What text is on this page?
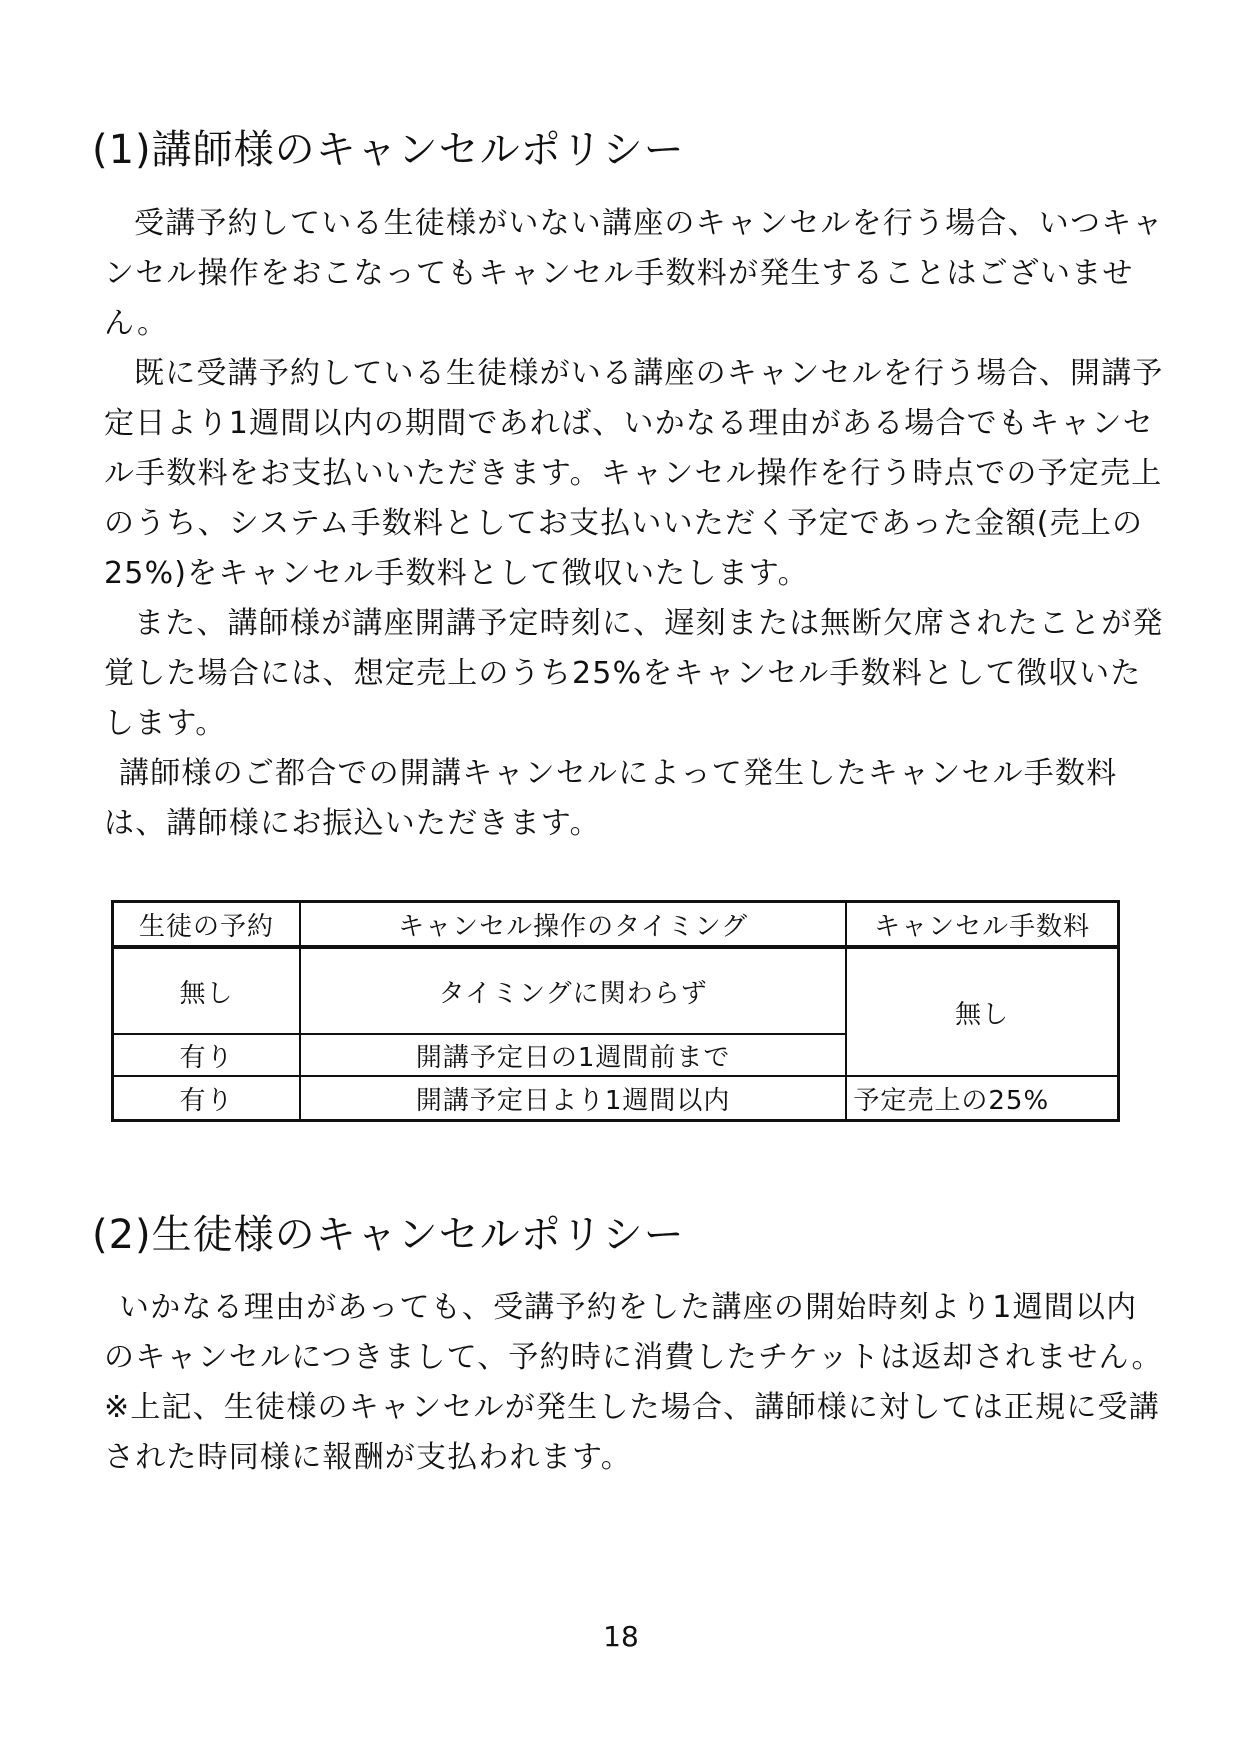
(1)講師様のキャンセルポリシー

受講予約している生徒様がいない講座のキャンセルを行う場合、いつキャンセル操作をおこなってもキャンセル手数料が発生することはございません。

既に受講予約している生徒様がいる講座のキャンセルを行う場合、開講予定日より1週間以内の期間であれば、いかなる理由がある場合でもキャンセル手数料をお支払いいただきます。キャンセル操作を行う時点での予定売上のうち、システム手数料としてお支払いいただく予定であった金額(売上の25%)をキャンセル手数料として徴収いたします。

また、講師様が講座開講予定時刻に、遅刻または無断欠席されたことが発覚した場合には、想定売上のうち25%をキャンセル手数料として徴収いたします。

講師様のご都合での開講キャンセルによって発生したキャンセル手数料は、講師様にお振込いただきます。

生徒の予約	キャンセル操作のタイミング	キャンセル手数料
無し	タイミングに関わらず	無し
有り	開講予定日の1週間前まで	
有り	開講予定日より1週間以内	予定売上の25%
(2)生徒様のキャンセルポリシー

いかなる理由があっても、受講予約をした講座の開始時刻より1週間以内のキャンセルにつきまして、予約時に消費したチケットは返却されません。

※上記、生徒様のキャンセルが発生した場合、講師様に対しては正規に受講された時同様に報酬が支払われます。

18
